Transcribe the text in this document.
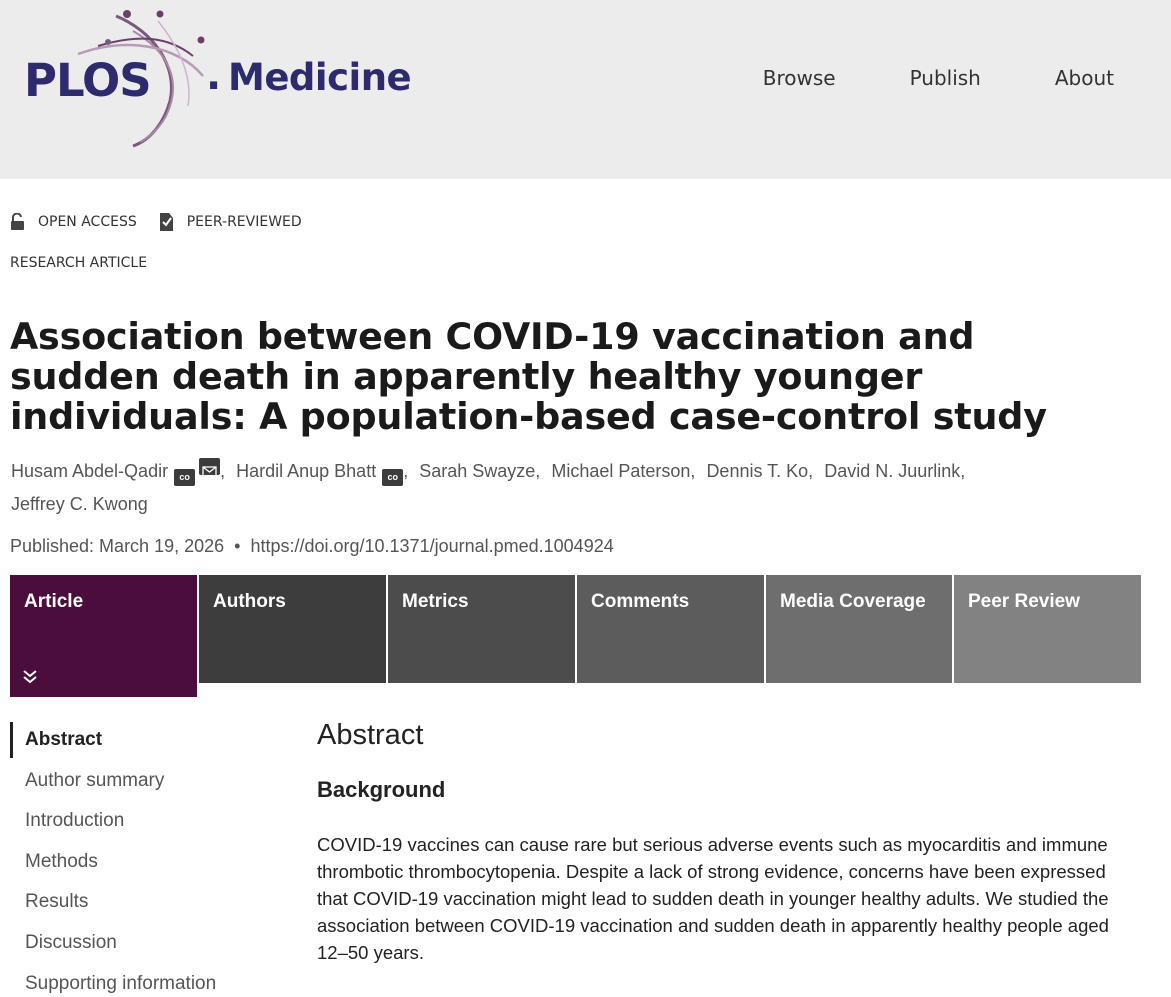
PLOS . Medicine	Browse	Publish	About
OPEN ACCESS	PEER-REVIEWED
RESEARCH ARTICLE
Association between COVID-19 vaccination and sudden death in apparently healthy younger individuals: A population-based case-control study
Husam Abdel-Qadir co , Hardil Anup Bhatt co , Sarah Swayze, Michael Paterson, Dennis T. Ko, David N. Juurlink,
Jeffrey C. Kwong
Published: March 19, 2026 • https://doi.org/10.1371/journal.pmed.1004924
Article	Authors	Metrics	Comments	Media Coverage	Peer Review
Abstract
Author summary
Introduction
Methods
Results
Discussion
Supporting information
Abstract
Background

COVID-19 vaccines can cause rare but serious adverse events such as myocarditis and immune thrombotic thrombocytopenia. Despite a lack of strong evidence, concerns have been expressed that COVID-19 vaccination might lead to sudden death in younger healthy adults. We studied the association between COVID-19 vaccination and sudden death in apparently healthy people aged 12–50 years.
